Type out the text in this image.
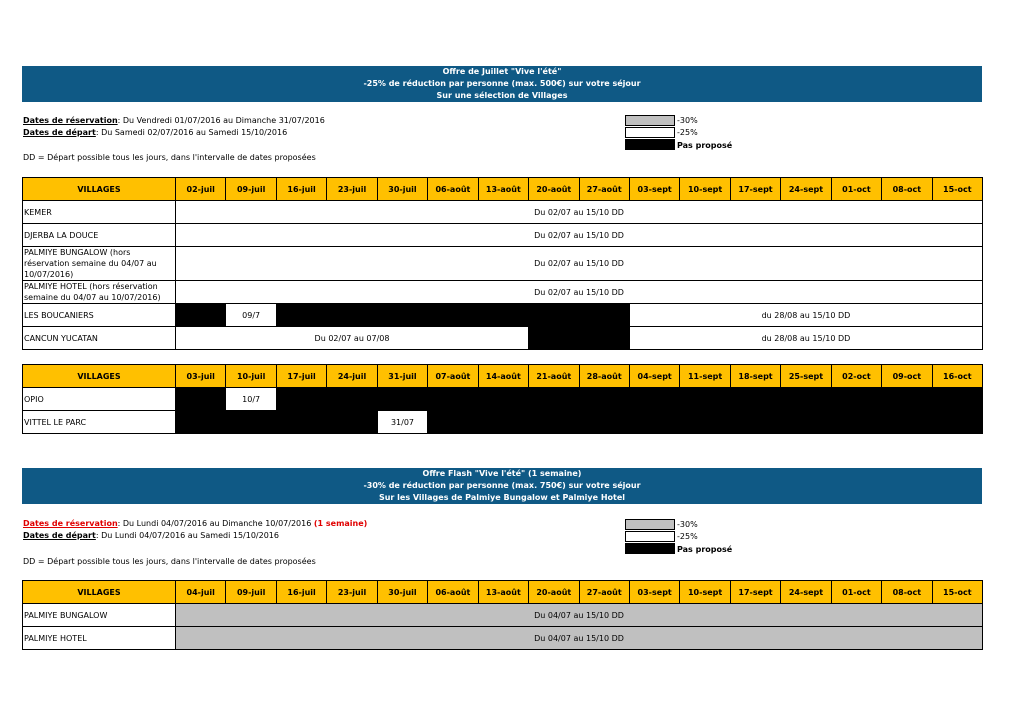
Offre de Juillet "Vive l'été"
-25% de réduction par personne (max. 500€) sur votre séjour
Sur une sélection de Villages
Dates de réservation: Du Vendredi 01/07/2016 au Dimanche 31/07/2016
Dates de départ: Du Samedi 02/07/2016 au Samedi 15/10/2016
DD = Départ possible tous les jours, dans l'intervalle de dates proposées
-30%
-25%
Pas proposé
VILLAGES	02-juil	09-juil	16-juil	23-juil	30-juil	06-août	13-août	20-août	27-août	03-sept	10-sept	17-sept	24-sept	01-oct	08-oct	15-oct
KEMER	Du 02/07 au 15/10 DD															
DJERBA LA DOUCE	Du 02/07 au 15/10 DD															
PALMIYE BUNGALOW (hors réservation semaine du 04/07 au 10/07/2016)	Du 02/07 au 15/10 DD															
PALMIYE HOTEL (hors réservation semaine du 04/07 au 10/07/2016)	Du 02/07 au 15/10 DD															
LES BOUCANIERS		09/7								du 28/08 au 15/10 DD						
CANCUN YUCATAN	Du 02/07 au 07/08									du 28/08 au 15/10 DD						
VILLAGES	03-juil	10-juil	17-juil	24-juil	31-juil	07-août	14-août	21-août	28-août	04-sept	11-sept	18-sept	25-sept	02-oct	09-oct	16-oct
OPIO		10/7														
VITTEL LE PARC					31/07											
Offre Flash "Vive l'été" (1 semaine)
-30% de réduction par personne (max. 750€) sur votre séjour
Sur les Villages de Palmiye Bungalow et Palmiye Hotel
Dates de réservation: Du Lundi 04/07/2016 au Dimanche 10/07/2016 (1 semaine)
Dates de départ: Du Lundi 04/07/2016 au Samedi 15/10/2016
DD = Départ possible tous les jours, dans l'intervalle de dates proposées
-30%
-25%
Pas proposé
VILLAGES	04-juil	09-juil	16-juil	23-juil	30-juil	06-août	13-août	20-août	27-août	03-sept	10-sept	17-sept	24-sept	01-oct	08-oct	15-oct
PALMIYE BUNGALOW	Du 04/07 au 15/10 DD															
PALMIYE HOTEL	Du 04/07 au 15/10 DD															
